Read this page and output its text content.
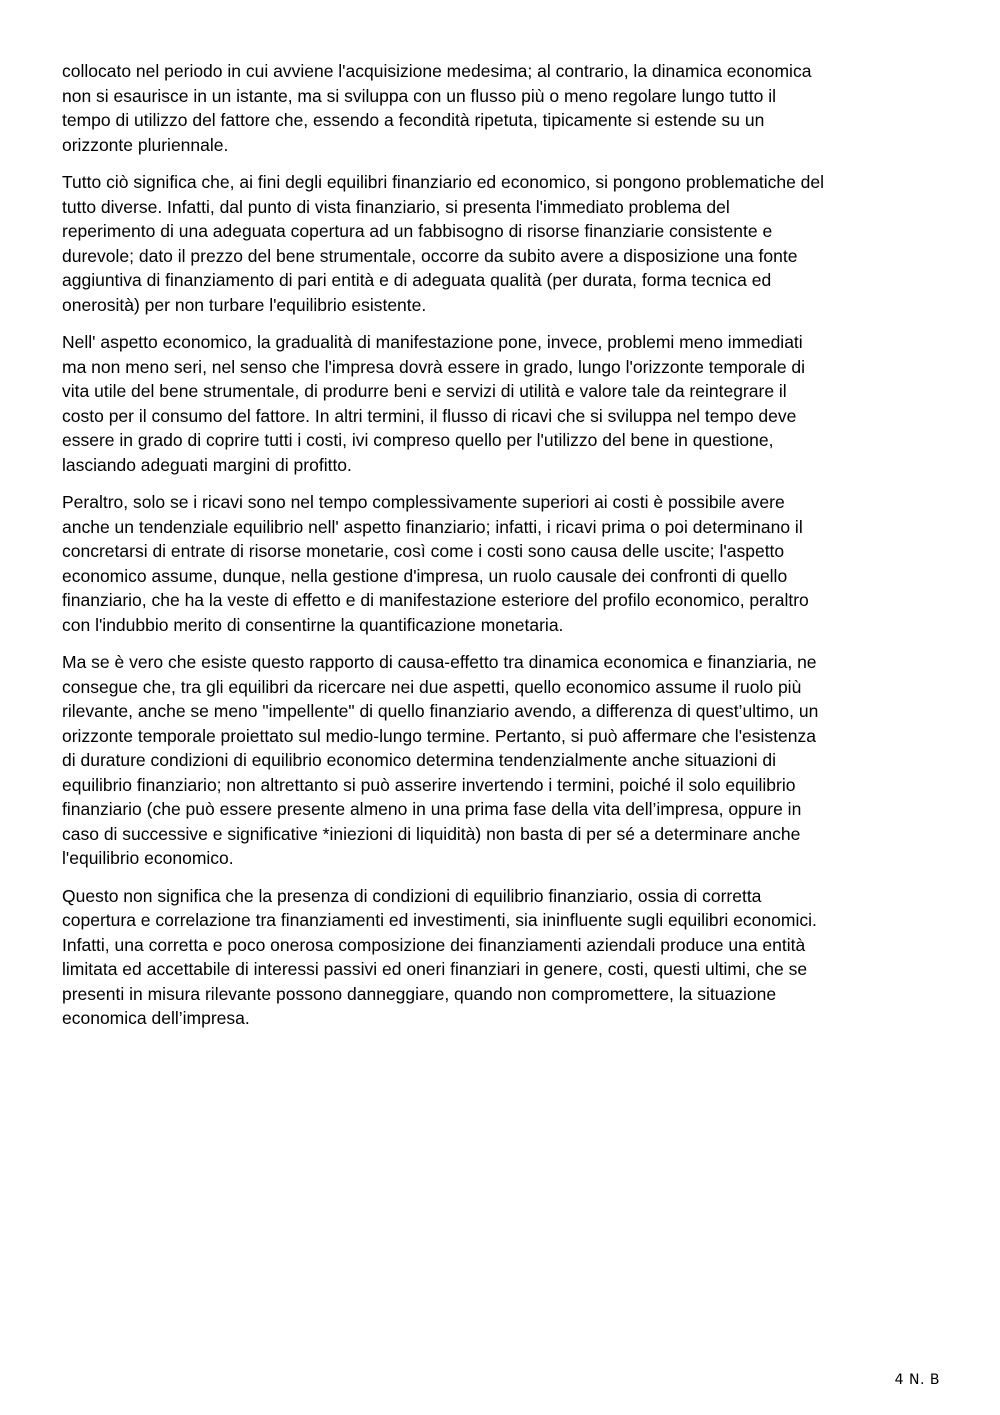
collocato nel periodo in cui avviene l'acquisizione medesima; al contrario, la dinamica economica
non si esaurisce in un istante, ma si sviluppa con un flusso più o meno regolare lungo tutto il
tempo di utilizzo del fattore che, essendo a fecondità ripetuta, tipicamente si estende su un
orizzonte pluriennale.

Tutto ciò significa che, ai fini degli equilibri finanziario ed economico, si pongono problematiche del
tutto diverse. Infatti, dal punto di vista finanziario, si presenta l'immediato problema del
reperimento di una adeguata copertura ad un fabbisogno di risorse finanziarie consistente e
durevole; dato il prezzo del bene strumentale, occorre da subito avere a disposizione una fonte
aggiuntiva di finanziamento di pari entità e di adeguata qualità (per durata, forma tecnica ed
onerosità) per non turbare l'equilibrio esistente.

Nell' aspetto economico, la gradualità di manifestazione pone, invece, problemi meno immediati
ma non meno seri, nel senso che l'impresa dovrà essere in grado, lungo l'orizzonte temporale di
vita utile del bene strumentale, di produrre beni e servizi di utilità e valore tale da reintegrare il
costo per il consumo del fattore. In altri termini, il flusso di ricavi che si sviluppa nel tempo deve
essere in grado di coprire tutti i costi, ivi compreso quello per l'utilizzo del bene in questione,
lasciando adeguati margini di profitto.

Peraltro, solo se i ricavi sono nel tempo complessivamente superiori ai costi è possibile avere
anche un tendenziale equilibrio nell' aspetto finanziario; infatti, i ricavi prima o poi determinano il
concretarsi di entrate di risorse monetarie, così come i costi sono causa delle uscite; l'aspetto
economico assume, dunque, nella gestione d'impresa, un ruolo causale dei confronti di quello
finanziario, che ha la veste di effetto e di manifestazione esteriore del profilo economico, peraltro
con l'indubbio merito di consentirne la quantificazione monetaria.

Ma se è vero che esiste questo rapporto di causa-effetto tra dinamica economica e finanziaria, ne
consegue che, tra gli equilibri da ricercare nei due aspetti, quello economico assume il ruolo più
rilevante, anche se meno "impellente" di quello finanziario avendo, a differenza di quest’ultimo, un
orizzonte temporale proiettato sul medio-lungo termine. Pertanto, si può affermare che l'esistenza
di durature condizioni di equilibrio economico determina tendenzialmente anche situazioni di
equilibrio finanziario; non altrettanto si può asserire invertendo i termini, poiché il solo equilibrio
finanziario (che può essere presente almeno in una prima fase della vita dell’impresa, oppure in
caso di successive e significative *iniezioni di liquidità) non basta di per sé a determinare anche
l'equilibrio economico.

Questo non significa che la presenza di condizioni di equilibrio finanziario, ossia di corretta
copertura e correlazione tra finanziamenti ed investimenti, sia ininfluente sugli equilibri economici.
Infatti, una corretta e poco onerosa composizione dei finanziamenti aziendali produce una entità
limitata ed accettabile di interessi passivi ed oneri finanziari in genere, costi, questi ultimi, che se
presenti in misura rilevante possono danneggiare, quando non compromettere, la situazione
economica dell’impresa.

4 N. B
